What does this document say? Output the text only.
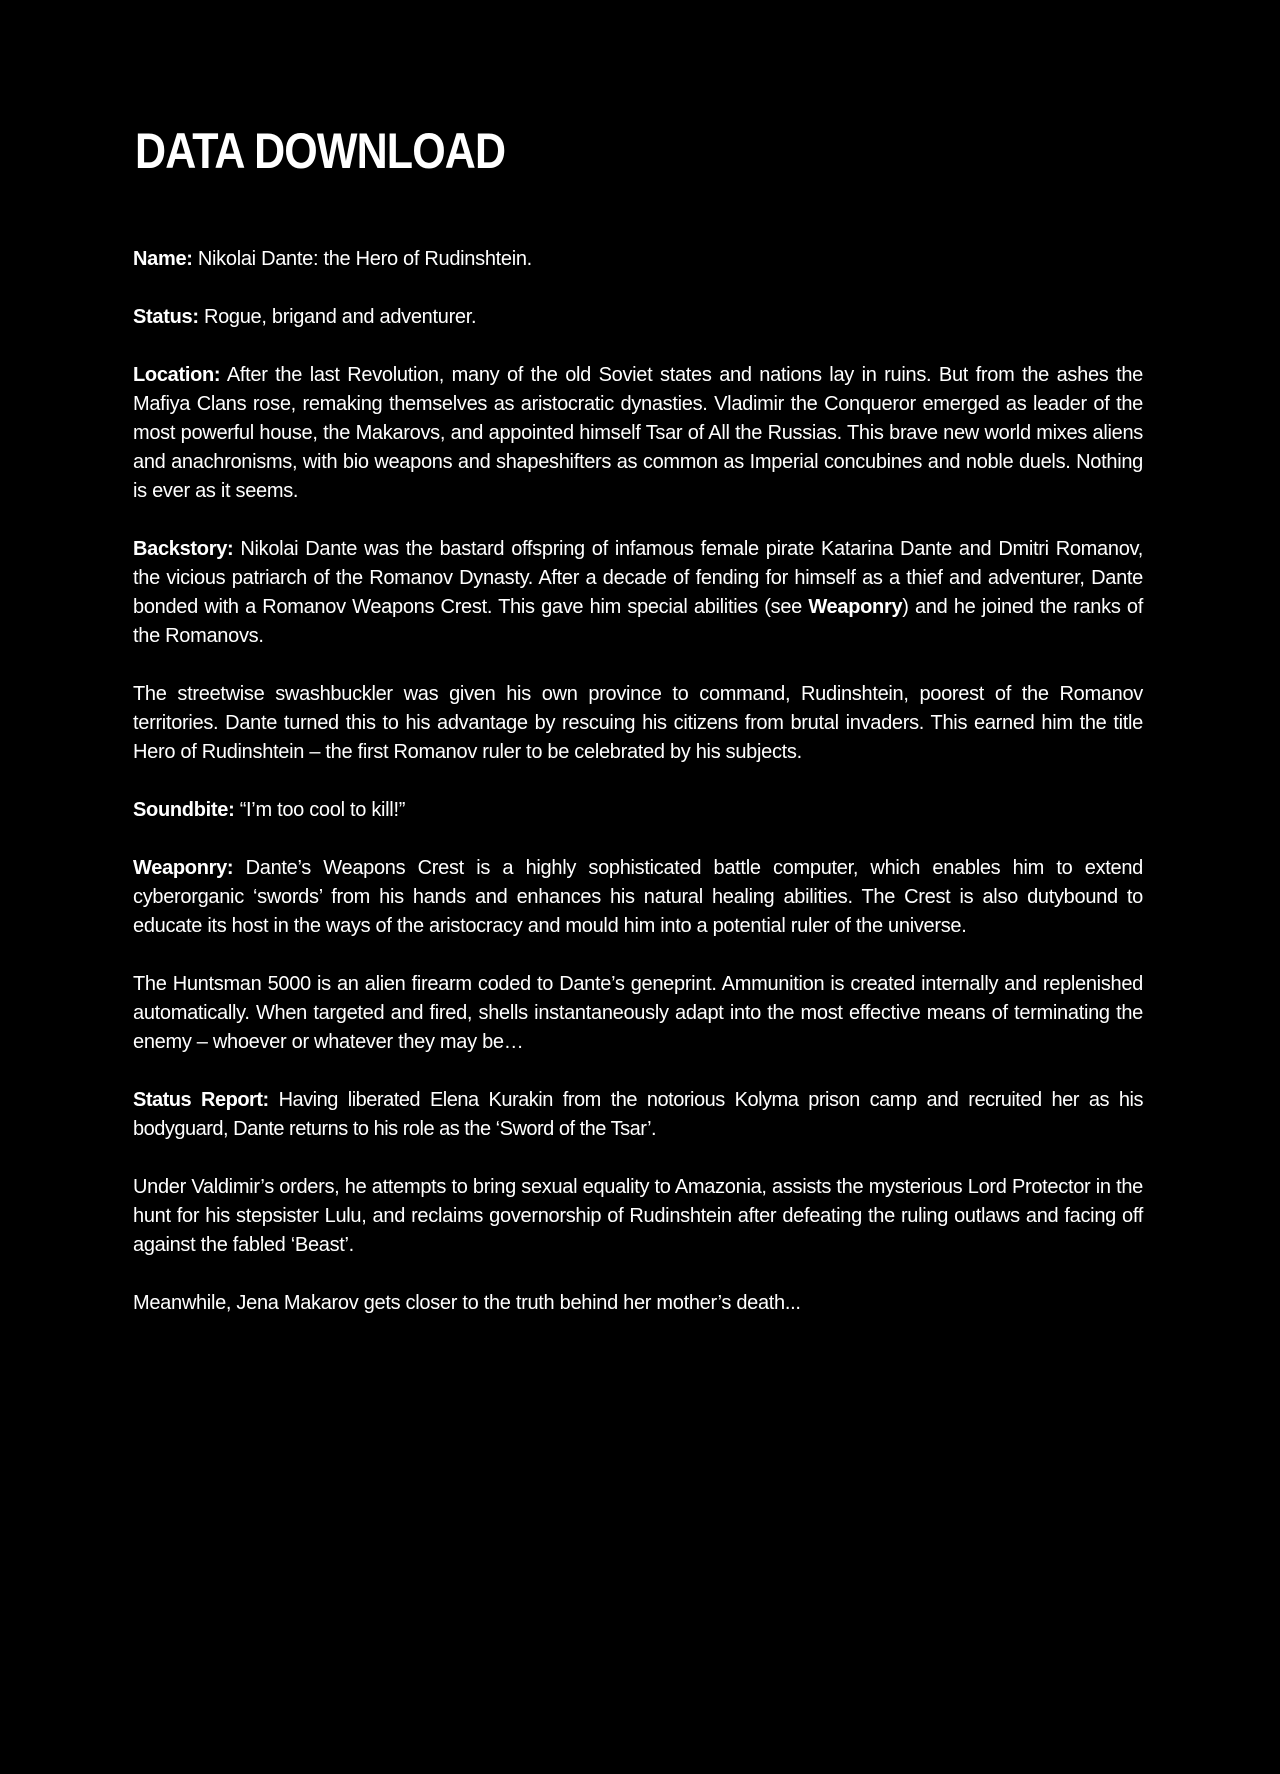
DATA DOWNLOAD

Name: Nikolai Dante: the Hero of Rudinshtein.

Status: Rogue, brigand and adventurer.

Location: After the last Revolution, many of the old Soviet states and nations lay in ruins. But from the ashes the Mafiya Clans rose, remaking themselves as aristocratic dynasties. Vladimir the Conqueror emerged as leader of the most powerful house, the Makarovs, and appointed himself Tsar of All the Russias. This brave new world mixes aliens and anachronisms, with bio weapons and shapeshifters as common as Imperial concubines and noble duels. Nothing is ever as it seems.

Backstory: Nikolai Dante was the bastard offspring of infamous female pirate Katarina Dante and Dmitri Romanov, the vicious patriarch of the Romanov Dynasty. After a decade of fending for himself as a thief and adventurer, Dante bonded with a Romanov Weapons Crest. This gave him special abilities (see Weaponry) and he joined the ranks of the Romanovs.

The streetwise swashbuckler was given his own province to command, Rudinshtein, poorest of the Romanov territories. Dante turned this to his advantage by rescuing his citizens from brutal invaders. This earned him the title Hero of Rudinshtein – the first Romanov ruler to be celebrated by his subjects.

Soundbite: “I’m too cool to kill!”

Weaponry: Dante’s Weapons Crest is a highly sophisticated battle computer, which enables him to extend cyberorganic ‘swords’ from his hands and enhances his natural healing abilities. The Crest is also dutybound to educate its host in the ways of the aristocracy and mould him into a potential ruler of the universe.

The Huntsman 5000 is an alien firearm coded to Dante’s geneprint. Ammunition is created internally and replenished automatically. When targeted and fired, shells instantaneously adapt into the most effective means of terminating the enemy – whoever or whatever they may be…

Status Report: Having liberated Elena Kurakin from the notorious Kolyma prison camp and recruited her as his bodyguard, Dante returns to his role as the ‘Sword of the Tsar’.

Under Valdimir’s orders, he attempts to bring sexual equality to Amazonia, assists the mysterious Lord Protector in the hunt for his stepsister Lulu, and reclaims governorship of Rudinshtein after defeating the ruling outlaws and facing off against the fabled ‘Beast’.

Meanwhile, Jena Makarov gets closer to the truth behind her mother’s death...
